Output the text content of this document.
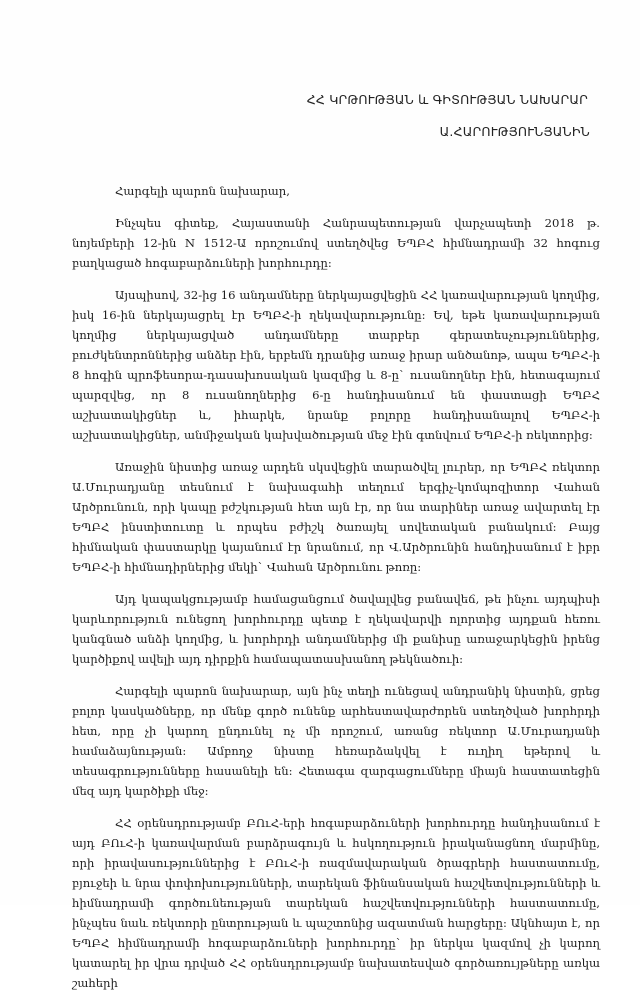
ՀՀ ԿՐԹՈՒԹՅԱՆ և ԳԻՏՈՒԹՅԱՆ ՆԱԽԱՐԱՐ
Ա.ՀԱՐՈՒԹՅՈՒՆՅԱՆԻՆ

Հարգելի պարոն նախարար,

Ինչպես գիտեք, Հայաստանի Հանրապետության վարչապետի 2018 թ. նոյեմբերի 12-ին N 1512-Ա որոշումով ստեղծվեց ԵՊԲՀ հիմնադրամի 32 հոգուց բաղկացած հոգաբարձուների խորհուրդը:

Այսպիսով, 32-ից 16 անդամները ներկայացվեցին ՀՀ կառավարության կողմից, իսկ 16-ին ներկայացրել էր ԵՊԲՀ-ի ղեկավարությունը: Եվ, եթե կառավարության կողմից ներկայացված անդամները տարբեր գերատեսչություններից, բուժկենտրոններից անձեր էին, երբեմն դրանից առաջ իրար անծանոթ, ապա ԵՊԲՀ-ի 8 հոգին պրոֆեսորա-դասախոսական կազմից և 8-ը` ուսանողներ էին, հետագայում պարզվեց, որ 8 ուսանողներից 6-ը հանդիսանում են փաստացի ԵՊԲՀ աշխատակիցներ և, իհարկե, նրանք բոլորը հանդիսանալով ԵՊԲՀ-ի աշխատակիցներ, անմիջական կախվածության մեջ էին գտնվում ԵՊԲՀ-ի ռեկտորից:

Առաջին նիստից առաջ արդեն սկսվեցին տարածվել լուրեր, որ ԵՊԲՀ ռեկտոր Ա.Մուրադյանը տեսնում է նախագահի տեղում երգիչ-կոմպոզիտոր Վահան Արծրունուն, որի կապը բժշկության հետ այն էր, որ նա տարիներ առաջ ավարտել էր ԵՊԲՀ ինստիտուտը և որպես բժիշկ ծառայել սովետական բանակում: Բայց հիմնական փաստարկը կայանում էր նրանում, որ Վ.Արծրունին հանդիսանում է իբր ԵՊԲՀ-ի հիմնադիրներից մեկի` Վահան Արծրունու թոռը:

Այդ կապակցությամբ համացանցում ծավալվեց բանավեճ, թե ինչու այդպիսի կարևորություն ունեցող խորհուրդը պետք է ղեկավարվի ոլորտից այդքան հեռու կանգնած անձի կողմից, և խորհրդի անդամներից մի քանիսը առաջարկեցին իրենց կարծիքով ավելի այդ դիրքին համապատասխանող թեկնածուի:

Հարգելի պարոն նախարար, այն ինչ տեղի ունեցավ անդրանիկ նիստին, ցրեց բոլոր կասկածները, որ մենք գործ ունենք արհեստավարժորեն ստեղծված խորհրդի հետ, որը չի կարող ընդունել ոչ մի որոշում, առանց ռեկտոր Ա.Մուրադյանի համաձայնության: Ամբողջ նիստը հեռարձակվել է ուղիղ եթերով և տեսագրությունները հասանելի են: Հետագա զարգացումները միայն հաստատեցին մեզ այդ կարծիքի մեջ:

ՀՀ օրենսդրությամբ ԲՈւՀ-երի հոգաբարձուների խորհուրդը հանդիսանում է այդ ԲՈւՀ-ի կառավարման բարձրագույն և հսկողություն իրականացնող մարմինը, որի իրավասություններից է ԲՈւՀ-ի ռազմավարական ծրագրերի հաստատումը, բյուջեի և նրա փոփոխությունների, տարեկան ֆինանսական հաշվետվությունների և հիմնադրամի գործունեության տարեկան հաշվետվությունների հաստատումը, ինչպես նաև ռեկտորի ընտրության և պաշտոնից ազատման հարցերը: Ակնհայտ է, որ ԵՊԲՀ հիմնադրամի հոգաբարձուների խորհուրդը` իր ներկա կազմով չի կարող կատարել իր վրա դրված ՀՀ օրենսդրությամբ նախատեսված գործառույթները առկա շահերի
